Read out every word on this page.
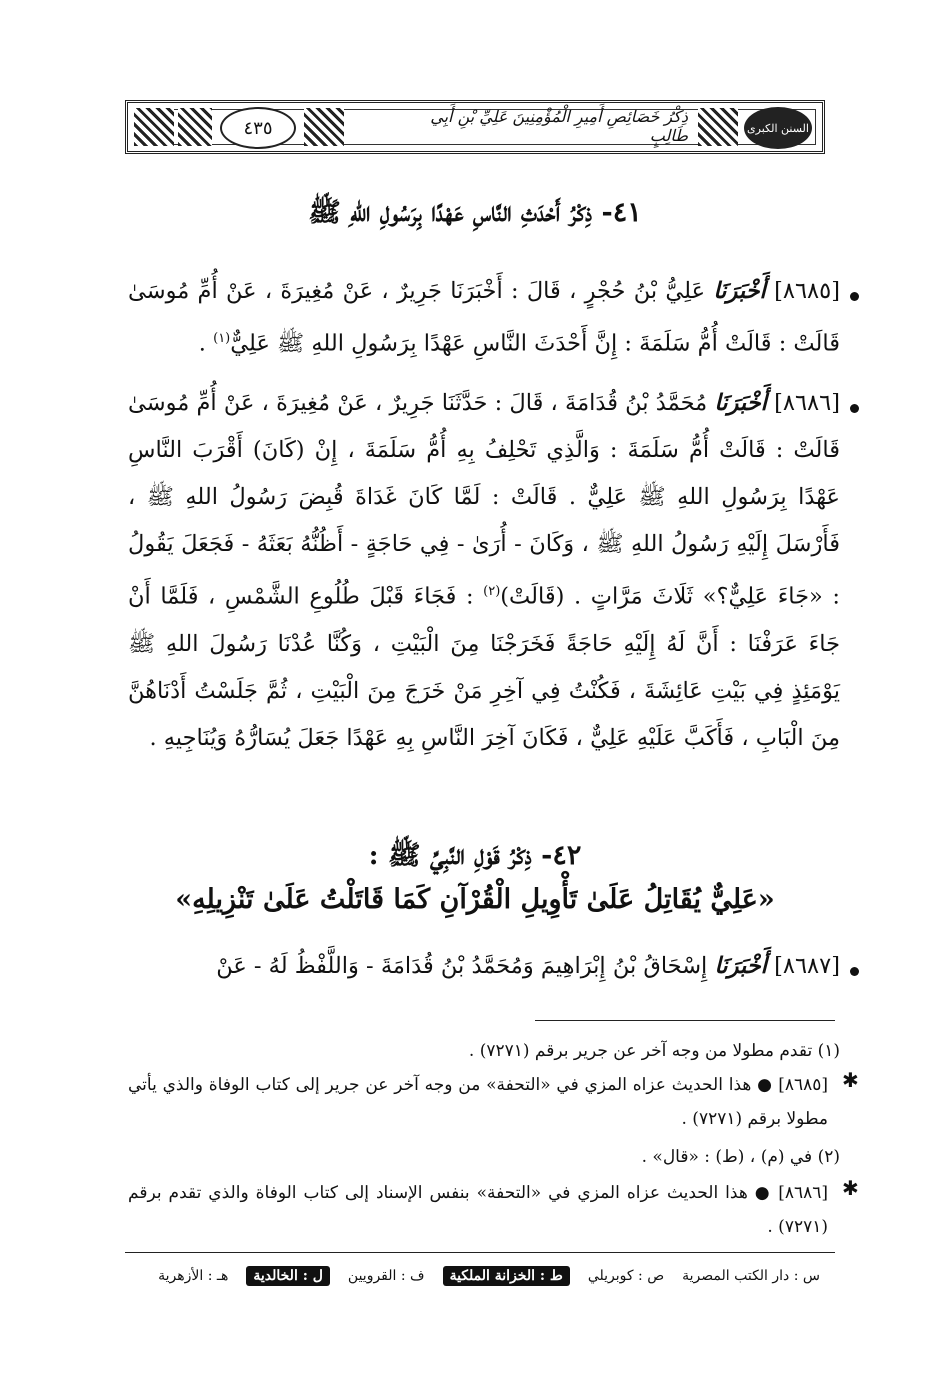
٤٣٥
ذِكْرُ خَصَائِصِ أَمِيرِ الْمُؤْمِنِينَ عَلِيِّ بْنِ أَبِي طَالِبٍ	السنن الكبرى
٤١- ذِكْرُ أَحْدَثِ النَّاسِ عَهْدًا بِرَسُولِ اللهِ ﷺ
[٨٦٨٥] أَخْبَرَنَا عَلِيُّ بْنُ حُجْرٍ ، قَالَ : أَخْبَرَنَا جَرِيرٌ ، عَنْ مُغِيرَةَ ، عَنْ أُمِّ مُوسَىٰ قَالَتْ : قَالَتْ أُمُّ سَلَمَةَ : إِنَّ أَحْدَثَ النَّاسِ عَهْدًا بِرَسُولِ اللهِ ﷺ عَلِيٌّ$^{(١)}$ .
[٨٦٨٦] أَخْبَرَنَا مُحَمَّدُ بْنُ قُدَامَةَ ، قَالَ : حَدَّثَنَا جَرِيرٌ ، عَنْ مُغِيرَةَ ، عَنْ أُمِّ مُوسَىٰ قَالَتْ : قَالَتْ أُمُّ سَلَمَةَ : وَالَّذِي تَحْلِفُ بِهِ أُمُّ سَلَمَةَ ، إِنْ (كَانَ) أَقْرَبَ النَّاسِ عَهْدًا بِرَسُولِ اللهِ ﷺ عَلِيٌّ . قَالَتْ : لَمَّا كَانَ غَدَاةَ قُبِضَ رَسُولُ اللهِ ﷺ ، فَأَرْسَلَ إِلَيْهِ رَسُولُ اللهِ ﷺ ، وَكَانَ - أُرَىٰ - فِي حَاجَةٍ - أَظُنُّهُ بَعَثَهُ - فَجَعَلَ يَقُولُ : «جَاءَ عَلِيٌّ؟» ثَلَاثَ مَرَّاتٍ . (قَالَتْ)$^{(٢)}$ : فَجَاءَ قَبْلَ طُلُوعِ الشَّمْسِ ، فَلَمَّا أَنْ جَاءَ عَرَفْنَا : أَنَّ لَهُ إِلَيْهِ حَاجَةً فَخَرَجْنَا مِنَ الْبَيْتِ ، وَكُنَّا عُدْنَا رَسُولَ اللهِ ﷺ يَوْمَئِذٍ فِي بَيْتِ عَائِشَةَ ، فَكُنْتُ فِي آخِرِ مَنْ خَرَجَ مِنَ الْبَيْتِ ، ثُمَّ جَلَسْتُ أَدْنَاهُنَّ مِنَ الْبَابِ ، فَأَكَبَّ عَلَيْهِ عَلِيٌّ ، فَكَانَ آخِرَ النَّاسِ بِهِ عَهْدًا جَعَلَ يُسَارُّهُ وَيُنَاجِيهِ .
٤٢- ذِكْرُ قَوْلِ النَّبِيِّ ﷺ :
«عَلِيٌّ يُقَاتِلُ عَلَىٰ تَأْوِيلِ الْقُرْآنِ كَمَا قَاتَلْتُ عَلَىٰ تَنْزِيلِهِ»
[٨٦٨٧] أَخْبَرَنَا إِسْحَاقُ بْنُ إِبْرَاهِيمَ وَمُحَمَّدُ بْنُ قُدَامَةَ - وَاللَّفْظُ لَهُ - عَنْ
(١) تقدم مطولا من وجه آخر عن جرير برقم (٧٢٧١) .
✱
[٨٦٨٥] ● هذا الحديث عزاه المزي في «التحفة» من وجه آخر عن جرير إلى كتاب الوفاة والذي يأتي مطولا برقم (٧٢٧١) .
(٢) في (م) ، (ط) : «قال» .
✱
[٨٦٨٦] ● هذا الحديث عزاه المزي في «التحفة» بنفس الإسناد إلى كتاب الوفاة والذي تقدم برقم (٧٢٧١) .
س : دار الكتب المصرية
ص : كوبريلي
ط : الخزانة الملكية
ف : القرويين
ل : الخالدية
هـ : الأزهرية
